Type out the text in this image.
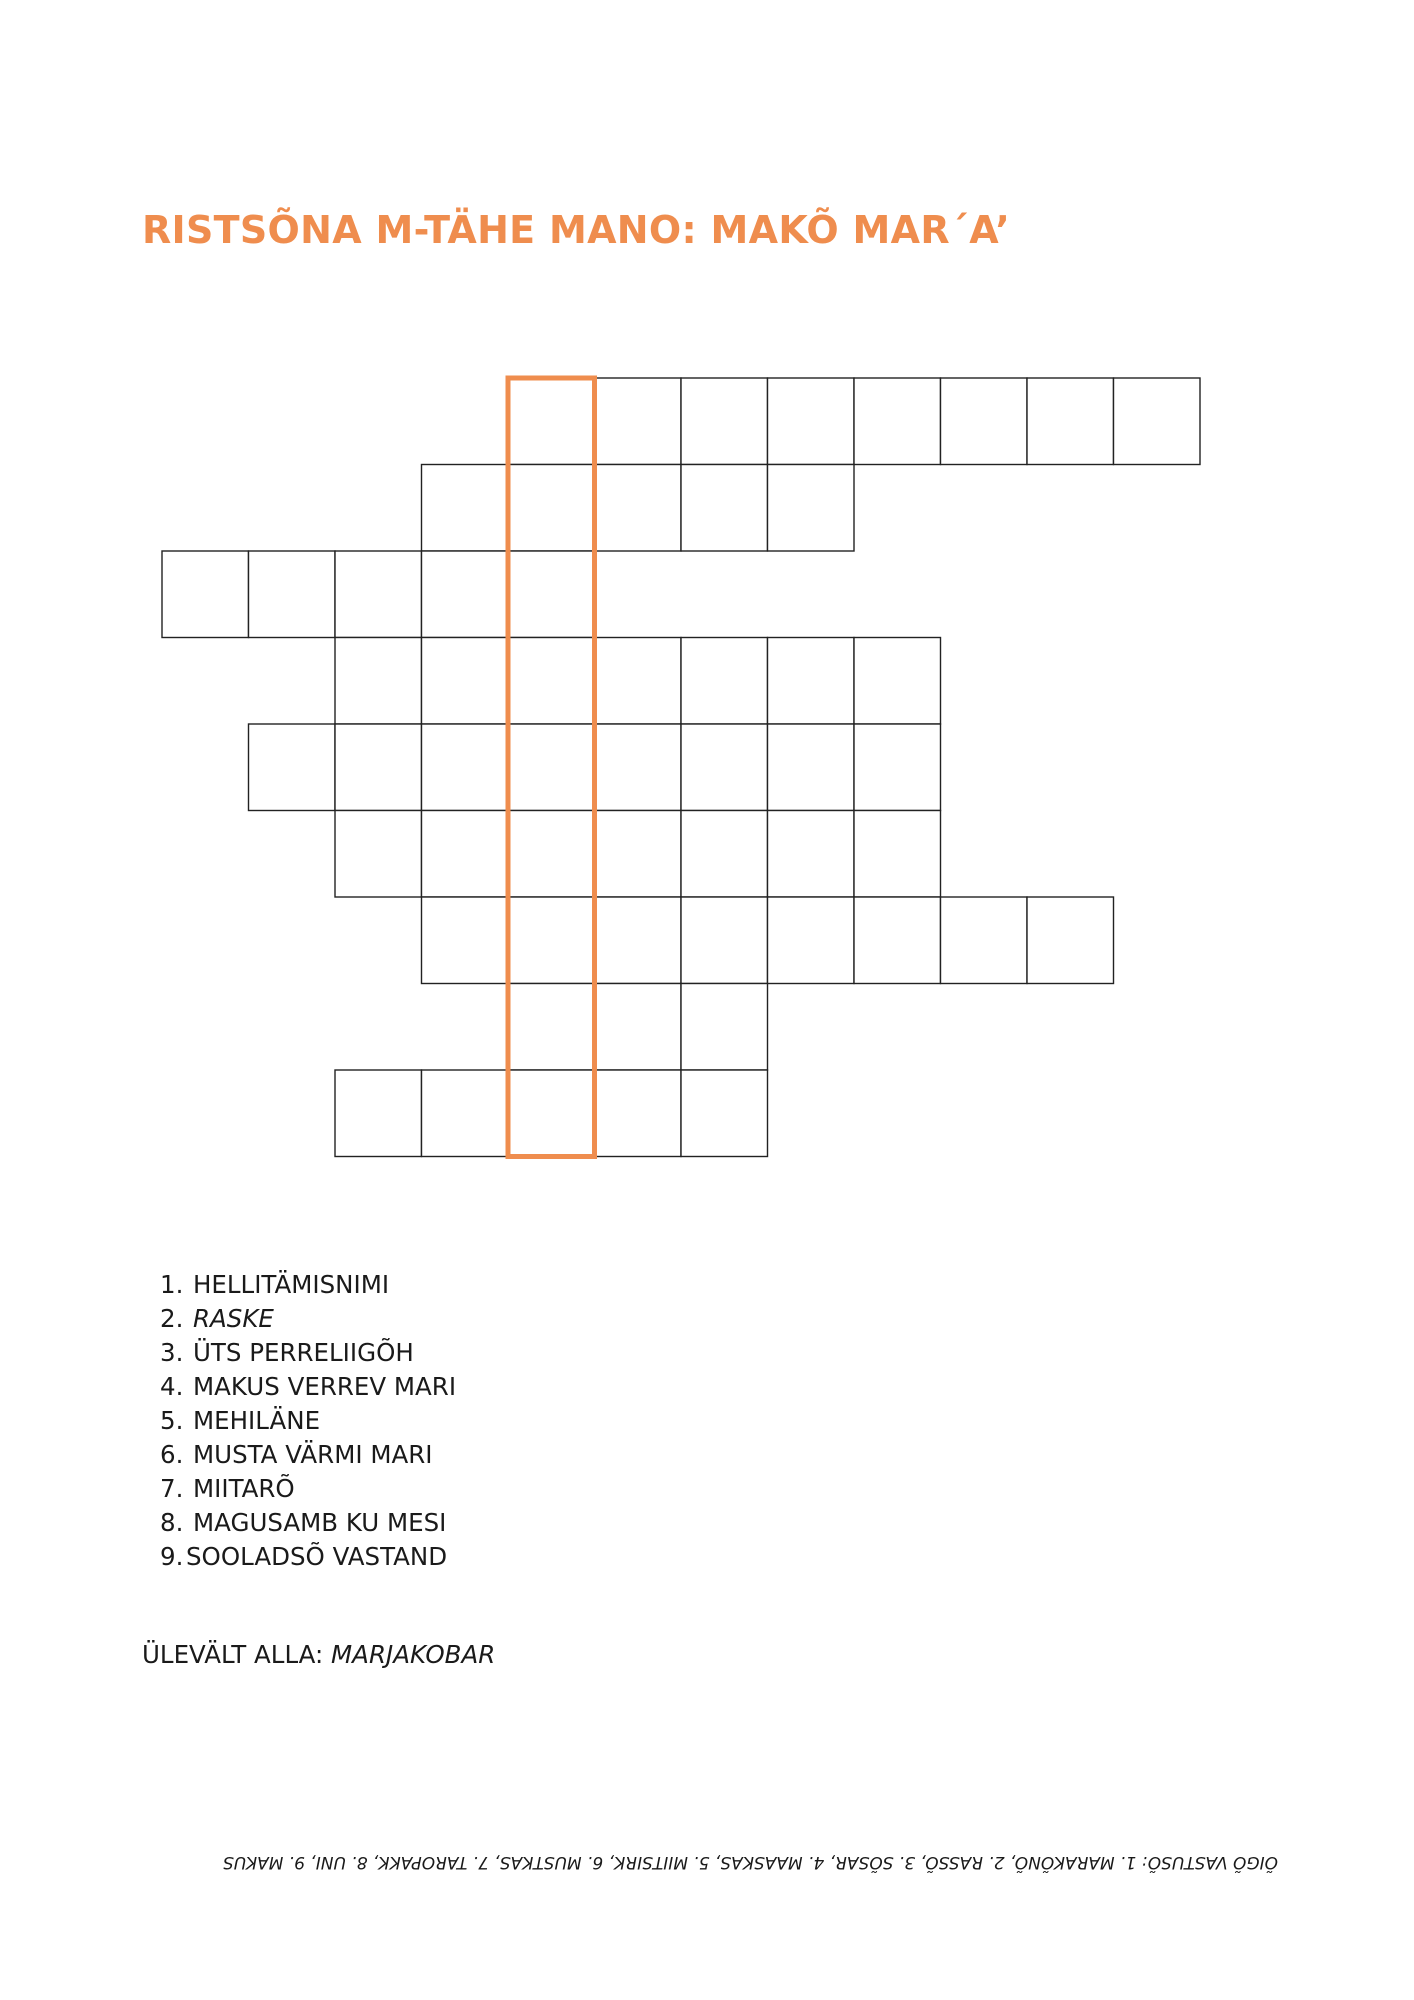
RISTSÕNA M-TÄHE MANO: MAKÕ MAR´A’
1. HELLITÄMISNIMI
2. RASKE
3. ÜTS PERRELIIGÕH
4. MAKUS VERREV MARI
5. MEHILÄNE
6. MUSTA VÄRMI MARI
7. MIITARÕ
8. MAGUSAMB KU MESI
9. SOOLADSÕ VASTAND
ÜLEVÄLT ALLA: MARJAKOBAR
ÕIGÕ VASTUSÕ: 1. MARAKÕNÕ, 2. RASSÕ, 3. SÕSAR, 4. MAASKAS, 5. MIITSIRK, 6. MUSTKAS, 7. TAROPAKK, 8. UNI, 9. MAKUS
